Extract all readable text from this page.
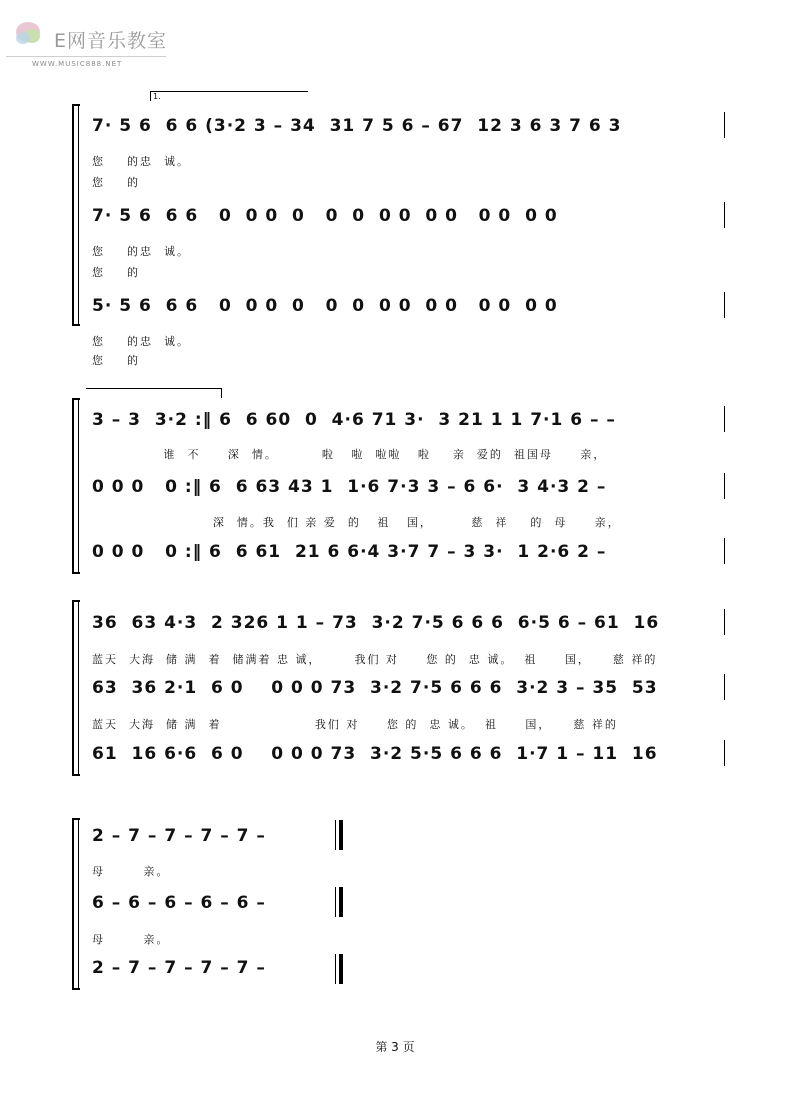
E网音乐教室
WWW.MUSIC888.NET
1.
7· 5 6  6 6 (3·2 3 – 34  31 7 5 6 – 67  12 3 6 3 7 6 3
您    的忠  诚。
您    的
7· 5 6  6 6   0  0 0  0   0  0  0 0  0 0   0 0  0 0
您    的忠  诚。
您    的
5· 5 6  6 6   0  0 0  0   0  0  0 0  0 0   0 0  0 0
您    的忠  诚。
您    的
3 – 3  3·2 :‖ 6  6 60  0  4·6 71 3·  3 21 1 1 7·1 6 – –
谁  不     深  情。        啦   啦  啦啦   啦    亲  爱的  祖国母     亲，
0 0 0   0 :‖ 6  6 63 43 1  1·6 7·3 3 – 6 6·  3 4·3 2 –
深  情。我  们 亲 爱  的   祖   国，       慈  祥    的  母     亲，
0 0 0   0 :‖ 6  6 61  21 6 6·4 3·7 7 – 3 3·  1 2·6 2 –
36  63 4·3  2 326 1 1 – 73  3·2 7·5 6 6 6  6·5 6 – 61  16
蓝天  大海  储 满  着  储满着 忠 诚，      我们 对     您 的  忠 诚。  祖     国，    慈 祥的
63  36 2·1  6 0    0 0 0 73  3·2 7·5 6 6 6  3·2 3 – 35  53
蓝天  大海  储 满  着                 我们 对     您 的  忠 诚。  祖     国，    慈 祥的
61  16 6·6  6 0    0 0 0 73  3·2 5·5 6 6 6  1·7 1 – 11  16
2 – 7 – 7 – 7 – 7 –
母       亲。
6 – 6 – 6 – 6 – 6 –
母       亲。
2 – 7 – 7 – 7 – 7 –
第 3 页
